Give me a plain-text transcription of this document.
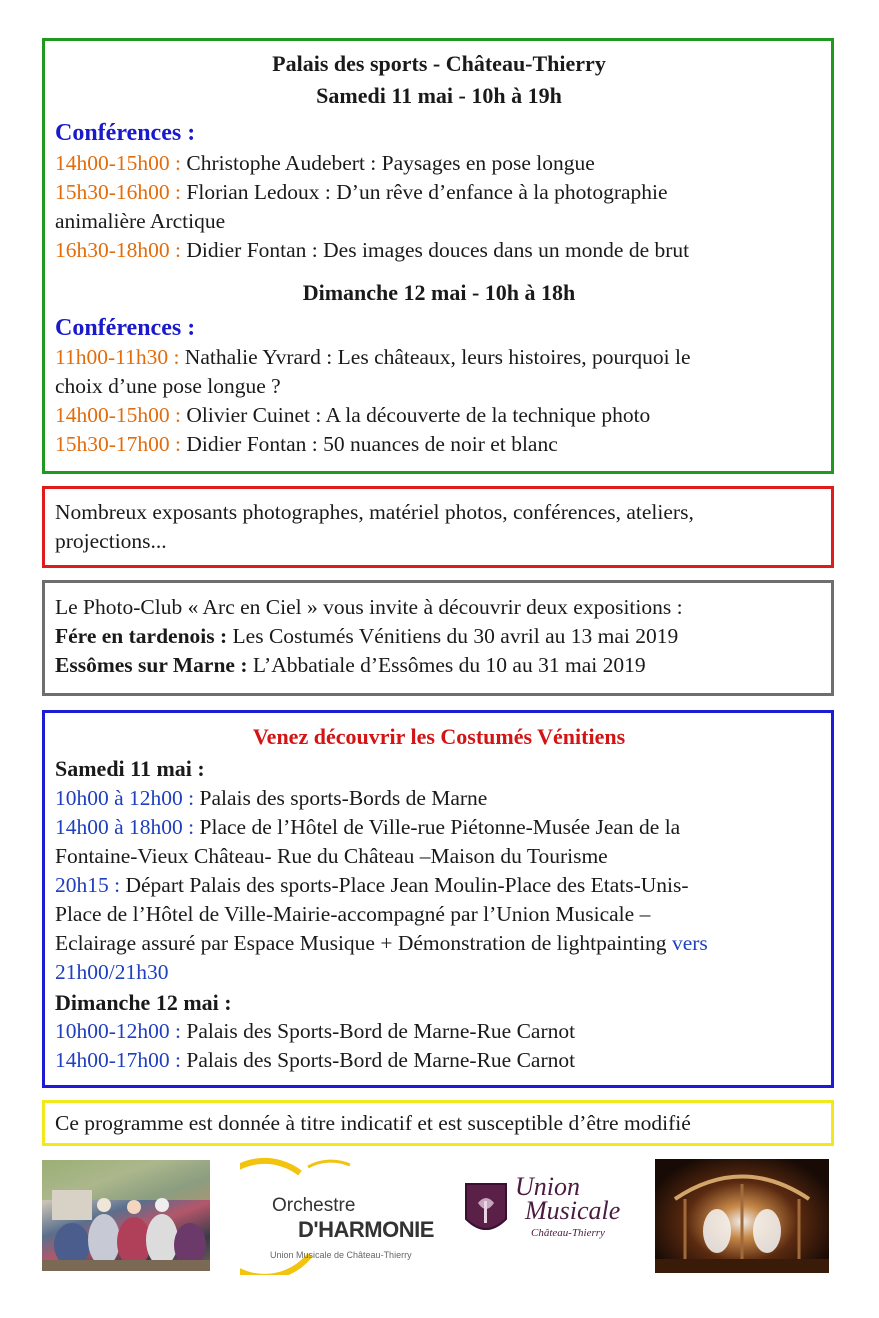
Palais des sports - Château-Thierry
Samedi 11 mai - 10h à 19h
Conférences :
14h00-15h00 : Christophe Audebert : Paysages en pose longue
15h30-16h00 : Florian Ledoux : D’un rêve d’enfance à la photographie
animalière Arctique
16h30-18h00 : Didier Fontan : Des images douces dans un monde de brut
Dimanche 12 mai - 10h à 18h
Conférences :
11h00-11h30 : Nathalie Yvrard : Les châteaux, leurs histoires, pourquoi le
choix d’une pose longue ?
14h00-15h00 : Olivier Cuinet : A la découverte de la technique photo
15h30-17h00 : Didier Fontan : 50 nuances de noir et blanc
Nombreux exposants photographes, matériel photos, conférences, ateliers,
projections...
Le Photo-Club « Arc en Ciel » vous invite à découvrir deux expositions :
Fére en tardenois : Les Costumés Vénitiens du 30 avril au 13 mai 2019
Essômes sur Marne : L’Abbatiale d’Essômes du 10 au 31 mai 2019
Venez découvrir les Costumés Vénitiens
Samedi 11 mai :
10h00 à 12h00 : Palais des sports-Bords de Marne
14h00 à 18h00 : Place de l’Hôtel de Ville-rue Piétonne-Musée Jean de la
Fontaine-Vieux Château- Rue du Château –Maison du Tourisme
20h15 : Départ Palais des sports-Place Jean Moulin-Place des Etats-Unis-
Place de l’Hôtel de Ville-Mairie-accompagné par l’Union Musicale –
Eclairage assuré par Espace Musique + Démonstration de lightpainting vers
21h00/21h30
Dimanche 12 mai :
10h00-12h00 : Palais des Sports-Bord de Marne-Rue Carnot
14h00-17h00 : Palais des Sports-Bord de Marne-Rue Carnot
Ce programme est donnée à titre indicatif et est susceptible d’être modifié
Orchestre
D'HARMONIE
Union Musicale de Château-Thierry
Union
Musicale
Château-Thierry
